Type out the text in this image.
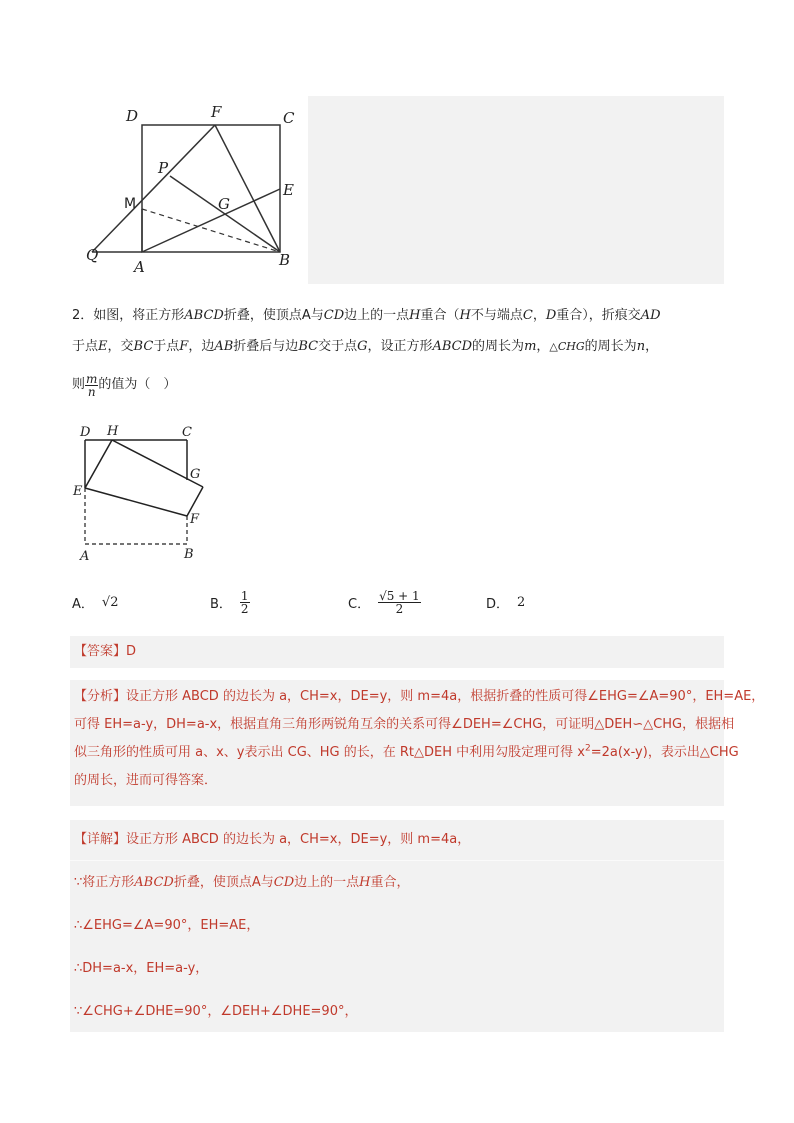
D	F	C
P
E
M	G
Q
A	B
2．如图，将正方形ABCD折叠，使顶点A与CD边上的一点H重合（H不与端点C，D重合），折痕交AD
于点E，交BC于点F，边AB折叠后与边BC交于点G，设正方形ABCD的周长为m，△CHG的周长为n，
则 $\frac{m}{n}$ 的值为（　）
D H	C
G
E
F
A	B
A． √2	B． $\frac{1}{2}$	C． $\frac{√5 + 1}{2}$	D． 2
【答案】D
【分析】设正方形 ABCD 的边长为 a，CH=x，DE=y，则 m=4a，根据折叠的性质可得∠EHG=∠A=90°，EH=AE，
可得 EH=a-y，DH=a-x，根据直角三角形两锐角互余的关系可得∠DEH=∠CHG，可证明△DEH∽△CHG，根据相
似三角形的性质可用 a、x、y表示出 CG、HG 的长，在 Rt△DEH 中利用勾股定理可得 $x^2=2a(x-y)$，表示出△CHG
的周长，进而可得答案．
【详解】设正方形 ABCD 的边长为 a，CH=x，DE=y，则 m=4a，
∵将正方形ABCD折叠，使顶点A与CD边上的一点H重合，
∴∠EHG=∠A=90°，EH=AE，
∴DH=a-x，EH=a-y，
∵∠CHG+∠DHE=90°，∠DEH+∠DHE=90°，
